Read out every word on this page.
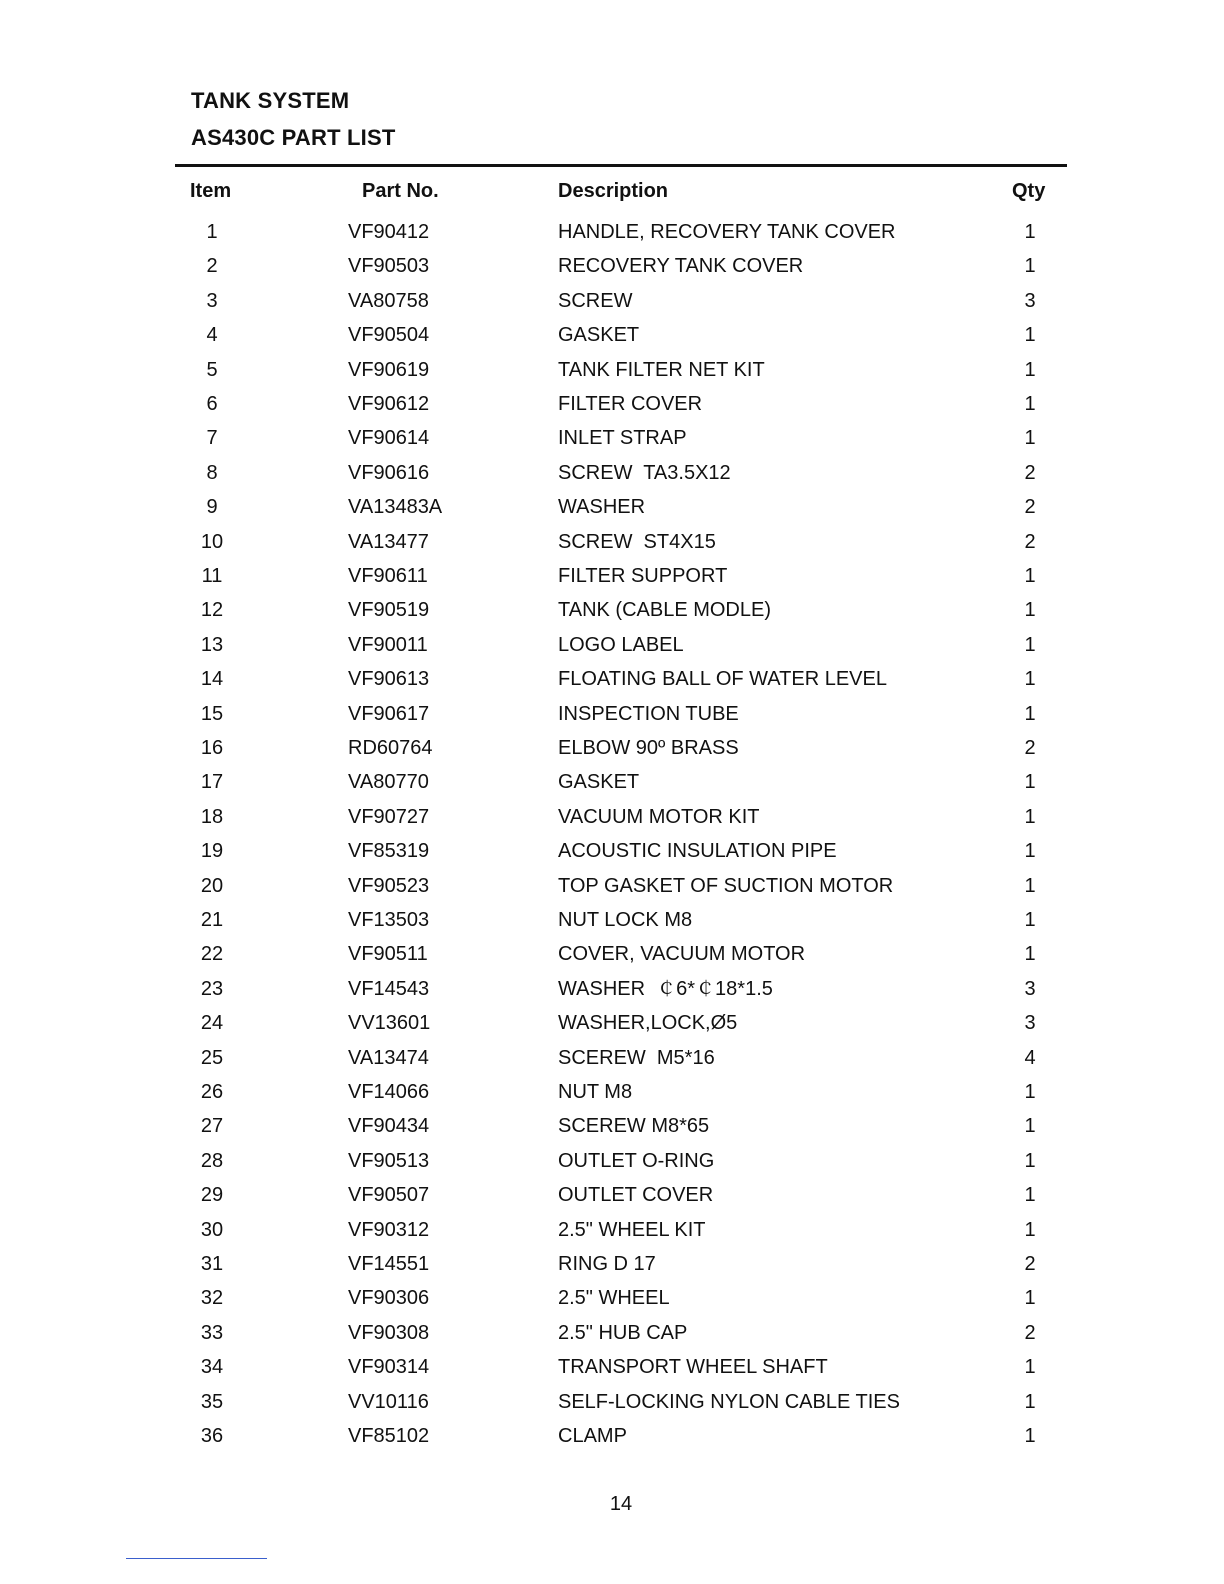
TANK SYSTEM
AS430C PART LIST
Item	Part No.	Description	Qty
1	VF90412	HANDLE, RECOVERY TANK COVER	1
2	VF90503	RECOVERY TANK COVER	1
3	VA80758	SCREW	3
4	VF90504	GASKET	1
5	VF90619	TANK FILTER NET KIT	1
6	VF90612	FILTER COVER	1
7	VF90614	INLET STRAP	1
8	VF90616	SCREW  TA3.5X12	2
9	VA13483A	WASHER	2
10	VA13477	SCREW  ST4X15	2
11	VF90611	FILTER SUPPORT	1
12	VF90519	TANK (CABLE MODLE)	1
13	VF90011	LOGO LABEL	1
14	VF90613	FLOATING BALL OF WATER LEVEL	1
15	VF90617	INSPECTION TUBE	1
16	RD60764	ELBOW 90º BRASS	2
17	VA80770	GASKET	1
18	VF90727	VACUUM MOTOR KIT	1
19	VF85319	ACOUSTIC INSULATION PIPE	1
20	VF90523	TOP GASKET OF SUCTION MOTOR	1
21	VF13503	NUT LOCK M8	1
22	VF90511	COVER, VACUUM MOTOR	1
23	VF14543	WASHER  ￠6*￠18*1.5	3
24	VV13601	WASHER,LOCK,Ø5	3
25	VA13474	SCEREW  M5*16	4
26	VF14066	NUT M8	1
27	VF90434	SCEREW M8*65	1
28	VF90513	OUTLET O-RING	1
29	VF90507	OUTLET COVER	1
30	VF90312	2.5" WHEEL KIT	1
31	VF14551	RING D 17	2
32	VF90306	2.5" WHEEL	1
33	VF90308	2.5" HUB CAP	2
34	VF90314	TRANSPORT WHEEL SHAFT	1
35	VV10116	SELF-LOCKING NYLON CABLE TIES	1
36	VF85102	CLAMP	1
14
